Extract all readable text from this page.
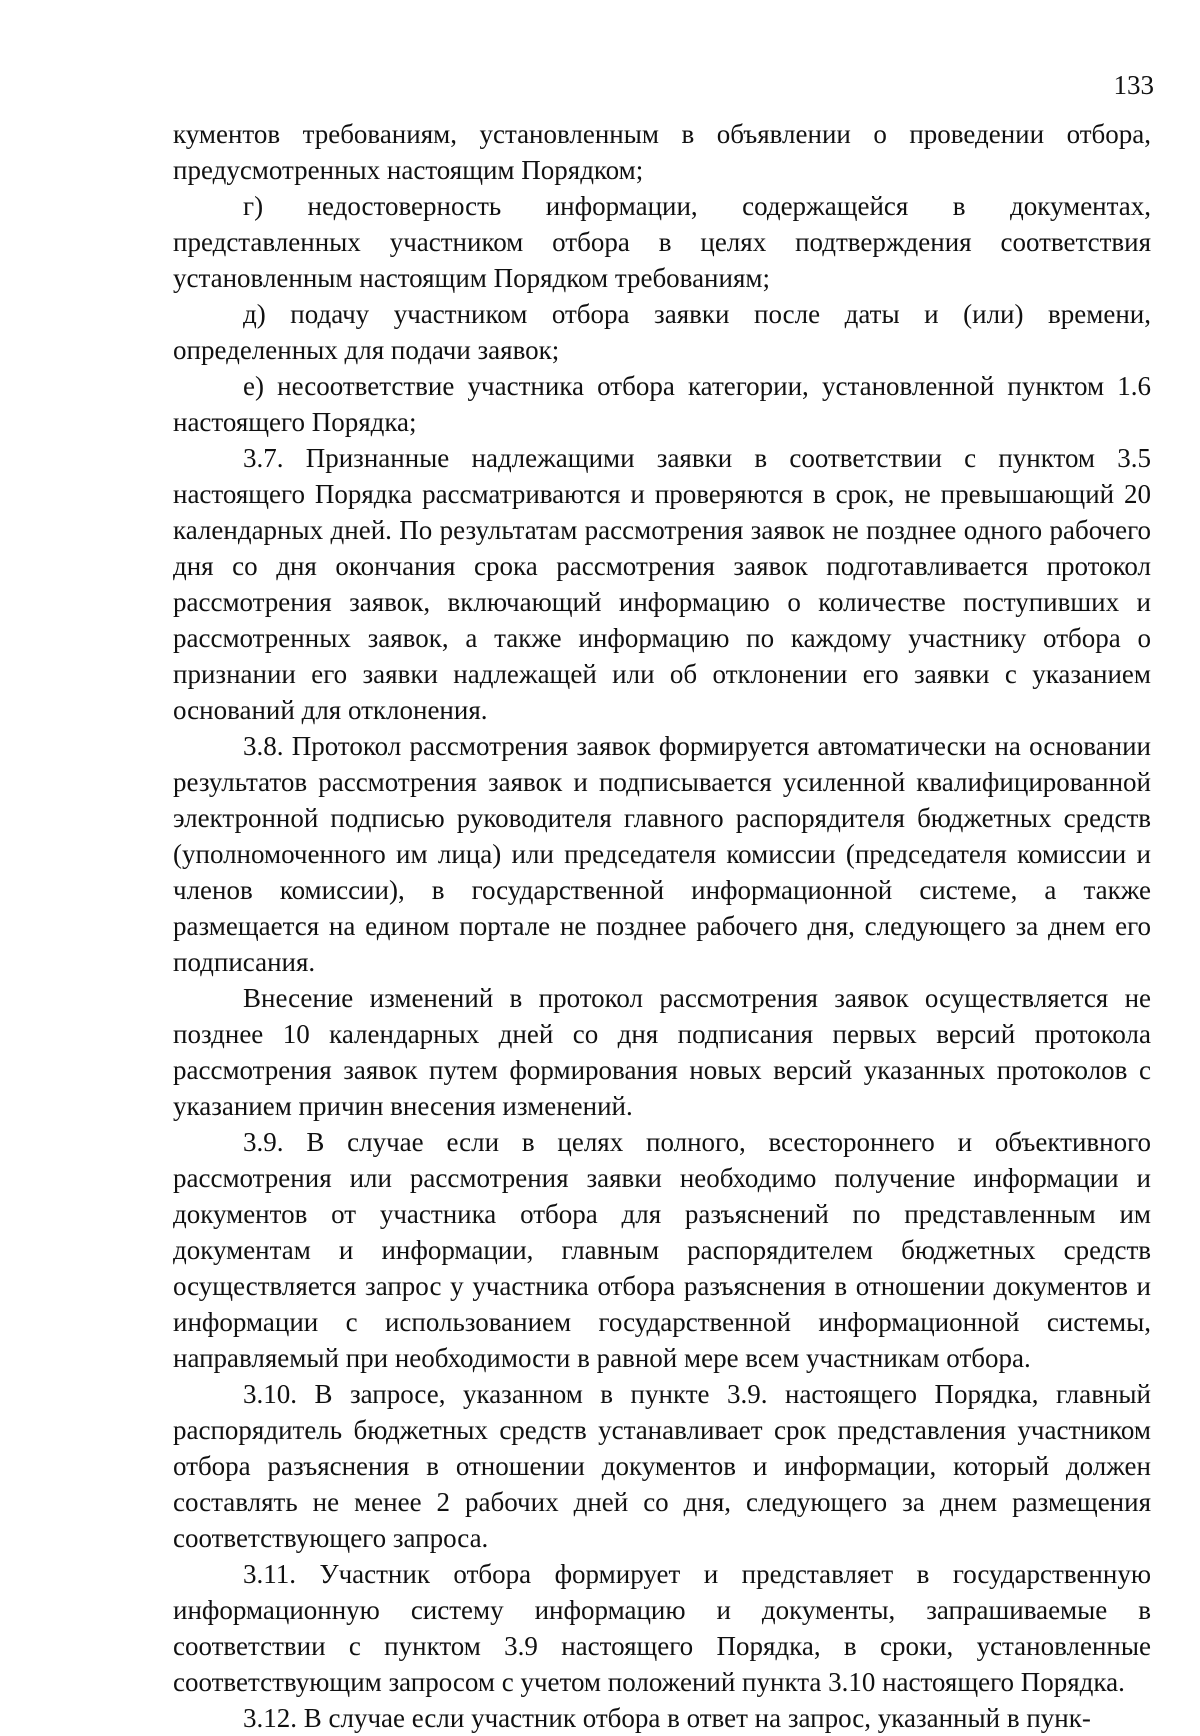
133

кументов требованиям, установленным в объявлении о проведении отбора, предусмотренных настоящим Порядком;

г) недостоверность информации, содержащейся в документах, представленных участником отбора в целях подтверждения соответствия установленным настоящим Порядком требованиям;

д) подачу участником отбора заявки после даты и (или) времени, определенных для подачи заявок;

е) несоответствие участника отбора категории, установленной пунктом 1.6 настоящего Порядка;

3.7. Признанные надлежащими заявки в соответствии с пунктом 3.5 настоящего Порядка рассматриваются и проверяются в срок, не превышающий 20 календарных дней. По результатам рассмотрения заявок не позднее одного рабочего дня со дня окончания срока рассмотрения заявок подготавливается протокол рассмотрения заявок, включающий информацию о количестве поступивших и рассмотренных заявок, а также информацию по каждому участнику отбора о признании его заявки надлежащей или об отклонении его заявки с указанием оснований для отклонения.

3.8. Протокол рассмотрения заявок формируется автоматически на основании результатов рассмотрения заявок и подписывается усиленной квалифицированной электронной подписью руководителя главного распорядителя бюджетных средств (уполномоченного им лица) или председателя комиссии (председателя комиссии и членов комиссии), в государственной информационной системе, а также размещается на едином портале не позднее рабочего дня, следующего за днем его подписания.

Внесение изменений в протокол рассмотрения заявок осуществляется не позднее 10 календарных дней со дня подписания первых версий протокола рассмотрения заявок путем формирования новых версий указанных протоколов с указанием причин внесения изменений.

3.9. В случае если в целях полного, всестороннего и объективного рассмотрения или рассмотрения заявки необходимо получение информации и документов от участника отбора для разъяснений по представленным им документам и информации, главным распорядителем бюджетных средств осуществляется запрос у участника отбора разъяснения в отношении документов и информации с использованием государственной информационной системы, направляемый при необходимости в равной мере всем участникам отбора.

3.10. В запросе, указанном в пункте 3.9. настоящего Порядка, главный распорядитель бюджетных средств устанавливает срок представления участником отбора разъяснения в отношении документов и информации, который должен составлять не менее 2 рабочих дней со дня, следующего за днем размещения соответствующего запроса.

3.11. Участник отбора формирует и представляет в государственную информационную систему информацию и документы, запрашиваемые в соответствии с пунктом 3.9 настоящего Порядка, в сроки, установленные соответствующим запросом с учетом положений пункта 3.10 настоящего Порядка.

3.12. В случае если участник отбора в ответ на запрос, указанный в пунк-
